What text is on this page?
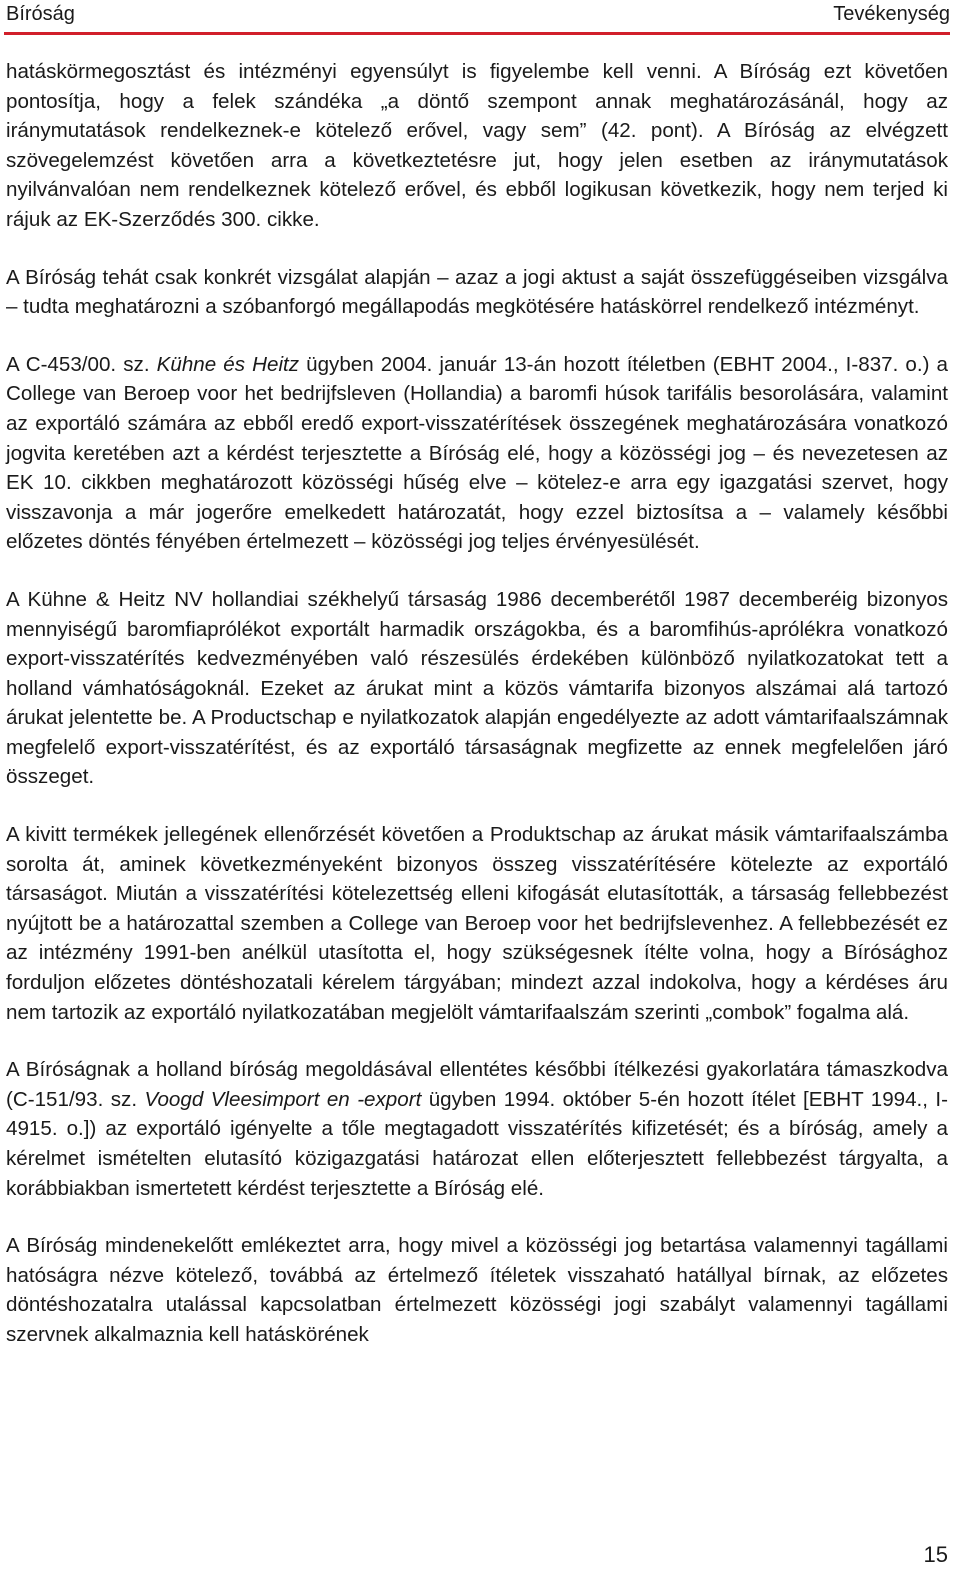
Bíróság	Tevékenység

hatáskörmegosztást és intézményi egyensúlyt is figyelembe kell venni. A Bíróság ezt követően pontosítja, hogy a felek szándéka „a döntő szempont annak meghatározásánál, hogy az iránymutatások rendelkeznek-e kötelező erővel, vagy sem” (42. pont). A Bíróság az elvégzett szövegelemzést követően arra a következtetésre jut, hogy jelen esetben az iránymutatások nyilvánvalóan nem rendelkeznek kötelező erővel, és ebből logikusan következik, hogy nem terjed ki rájuk az EK-Szerződés 300. cikke.

A Bíróság tehát csak konkrét vizsgálat alapján – azaz a jogi aktust a saját összefüggéseiben vizsgálva – tudta meghatározni a szóbanforgó megállapodás megkötésére hatáskörrel rendelkező intézményt.

A C-453/00. sz. Kühne és Heitz ügyben 2004. január 13-án hozott ítéletben (EBHT 2004., I-837. o.) a College van Beroep voor het bedrijfsleven (Hollandia) a baromfi húsok tarifális besorolására, valamint az exportáló számára az ebből eredő export-visszatérítések összegének meghatározására vonatkozó jogvita keretében azt a kérdést terjesztette a Bíróság elé, hogy a közösségi jog – és nevezetesen az EK 10. cikkben meghatározott közösségi hűség elve – kötelez-e arra egy igazgatási szervet, hogy visszavonja a már jogerőre emelkedett határozatát, hogy ezzel biztosítsa a – valamely későbbi előzetes döntés fényében értelmezett – közösségi jog teljes érvényesülését.

A Kühne & Heitz NV hollandiai székhelyű társaság 1986 decemberétől 1987 decemberéig bizonyos mennyiségű baromfiaprólékot exportált harmadik országokba, és a baromfihús-aprólékra vonatkozó export-visszatérítés kedvezményében való részesülés érdekében különböző nyilatkozatokat tett a holland vámhatóságoknál. Ezeket az árukat mint a közös vámtarifa bizonyos alszámai alá tartozó árukat jelentette be. A Productschap e nyilatkozatok alapján engedélyezte az adott vámtarifaalszámnak megfelelő export-visszatérítést, és az exportáló társaságnak megfizette az ennek megfelelően járó összeget.

A kivitt termékek jellegének ellenőrzését követően a Produktschap az árukat másik vámtarifaalszámba sorolta át, aminek következményeként bizonyos összeg visszatérítésére kötelezte az exportáló társaságot. Miután a visszatérítési kötelezettség elleni kifogását elutasították, a társaság fellebbezést nyújtott be a határozattal szemben a College van Beroep voor het bedrijfslevenhez. A fellebbezését ez az intézmény 1991-ben anélkül utasította el, hogy szükségesnek ítélte volna, hogy a Bírósághoz forduljon előzetes döntéshozatali kérelem tárgyában; mindezt azzal indokolva, hogy a kérdéses áru nem tartozik az exportáló nyilatkozatában megjelölt vámtarifaalszám szerinti „combok” fogalma alá.

A Bíróságnak a holland bíróság megoldásával ellentétes későbbi ítélkezési gyakorlatára támaszkodva (C-151/93. sz. Voogd Vleesimport en -export ügyben 1994. október 5-én hozott ítélet [EBHT 1994., I-4915. o.]) az exportáló igényelte a tőle megtagadott visszatérítés kifizetését; és a bíróság, amely a kérelmet ismételten elutasító közigazgatási határozat ellen előterjesztett fellebbezést tárgyalta, a korábbiakban ismertetett kérdést terjesztette a Bíróság elé.

A Bíróság mindenekelőtt emlékeztet arra, hogy mivel a közösségi jog betartása valamennyi tagállami hatóságra nézve kötelező, továbbá az értelmező ítéletek visszaható hatállyal bírnak, az előzetes döntéshozatalra utalással kapcsolatban értelmezett közösségi jogi szabályt valamennyi tagállami szervnek alkalmaznia kell hatáskörének

15
